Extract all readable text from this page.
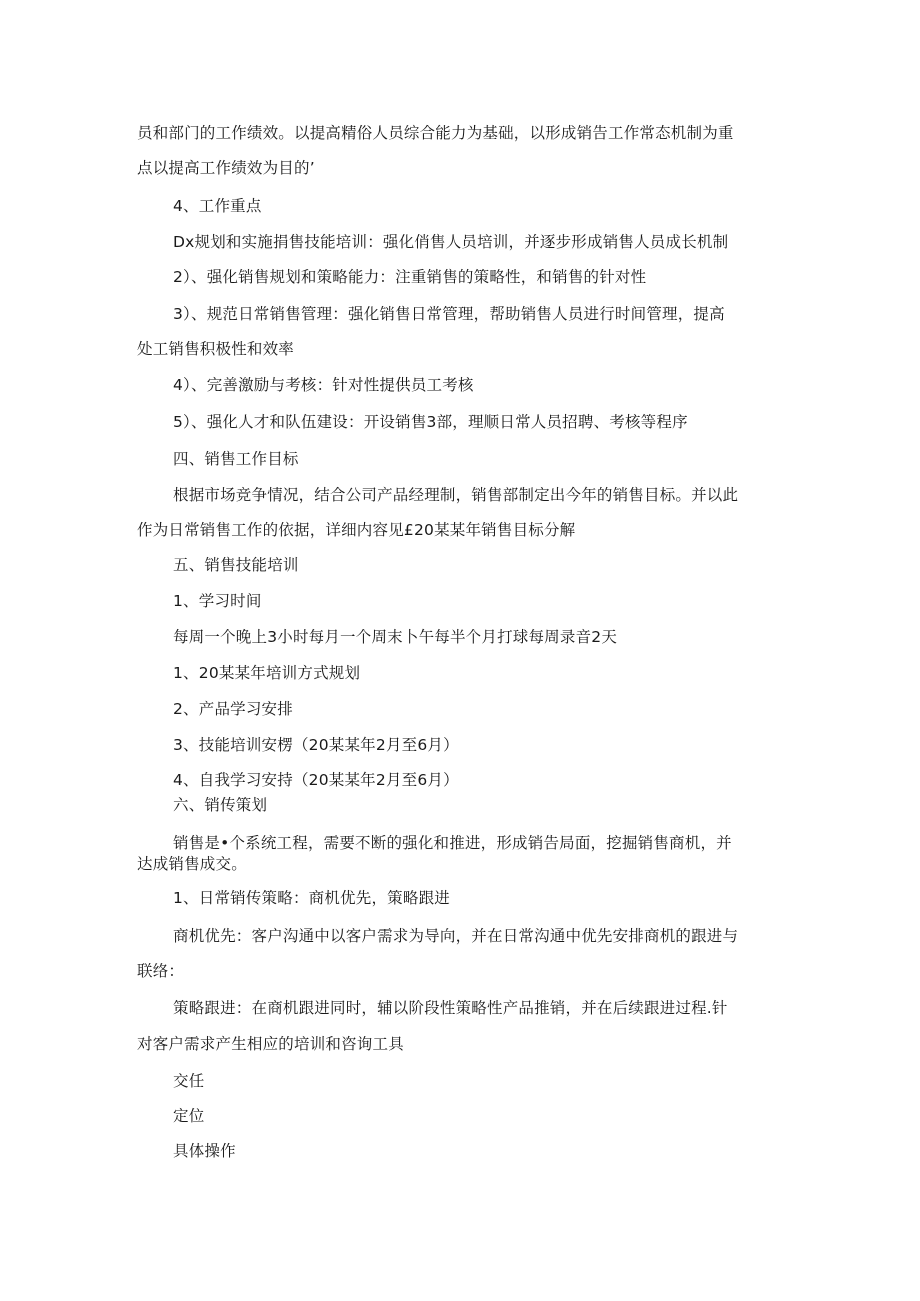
员和部门的工作绩效。以提高精俗人员综合能力为基础，以形成销告工作常态机制为重

点以提高工作绩效为目的’

4、工作重点

Dx规划和实施捐售技能培训：强化俏售人员培训，并逐步形成销售人员成长机制

2）、强化销售规划和策略能力：注重销售的策略性，和销售的针对性

3）、规范日常销售管理：强化销售日常管理，帮助销售人员进行时间管理，提高

处工销售积极性和效率

4）、完善激励与考核：针对性提供员工考核

5）、强化人才和队伍建设：开设销售3部，理顺日常人员招聘、考核等程序

四、销售工作目标

根据市场竞争情况，结合公司产品经理制，销售部制定出今年的销售目标。并以此

作为日常销售工作的依据，详细内容见£20某某年销售目标分解

五、销售技能培训

1、学习时间

每周一个晚上3小时每月一个周末卜午每半个月打球每周录音2天

1、20某某年培训方式规划

2、产品学习安排

3、技能培训安楞（20某某年2月至6月）

4、自我学习安持（20某某年2月至6月）

六、销传策划

销售是•个系统工程，需要不断的强化和推进，形成销告局面，挖掘销售商机，并

达成销售成交。

1、日常销传策略：商机优先，策略跟进

商机优先：客户沟通中以客户需求为导向，并在日常沟通中优先安排商机的跟进与

联络：

策略跟进：在商机跟进同时，辅以阶段性策略性产品推销，并在后续跟进过程.针

对客户需求产生相应的培训和咨询工具

交任

定位

具体操作
